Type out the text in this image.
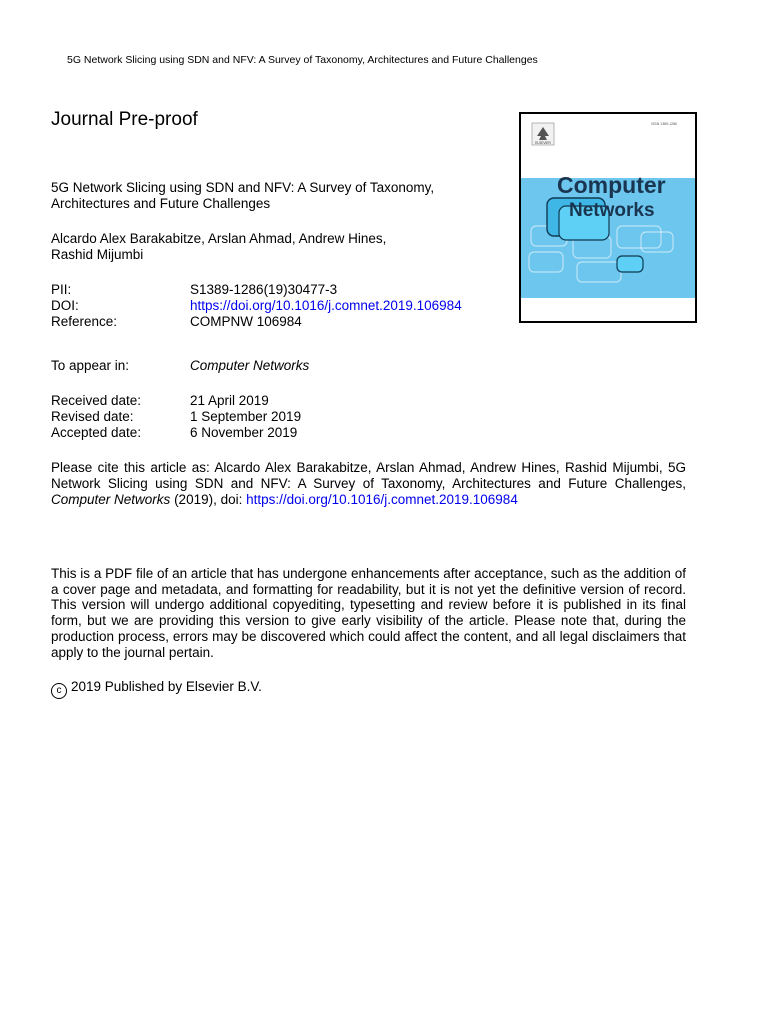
5G Network Slicing using SDN and NFV: A Survey of Taxonomy, Architectures and Future Challenges
Journal Pre-proof
5G Network Slicing using SDN and NFV: A Survey of Taxonomy,
Architectures and Future Challenges
Alcardo Alex Barakabitze, Arslan Ahmad, Andrew Hines,
Rashid Mijumbi
PII:	S1389-1286(19)30477-3
DOI:	https://doi.org/10.1016/j.comnet.2019.106984
Reference:	COMPNW 106984
To appear in:	Computer Networks
Received date:	21 April 2019
Revised date:	1 September 2019
Accepted date:	6 November 2019
Please cite this article as: Alcardo Alex Barakabitze, Arslan Ahmad, Andrew Hines, Rashid Mijumbi, 5G Network Slicing using SDN and NFV: A Survey of Taxonomy, Architectures and Future Challenges, Computer Networks (2019), doi: https://doi.org/10.1016/j.comnet.2019.106984
This is a PDF file of an article that has undergone enhancements after acceptance, such as the addition of a cover page and metadata, and formatting for readability, but it is not yet the definitive version of record. This version will undergo additional copyediting, typesetting and review before it is published in its final form, but we are providing this version to give early visibility of the article. Please note that, during the production process, errors may be discovered which could affect the content, and all legal disclaimers that apply to the journal pertain.
c 2019 Published by Elsevier B.V.
ELSEVIER
ISSN 1389-1286
Computer
Networks
